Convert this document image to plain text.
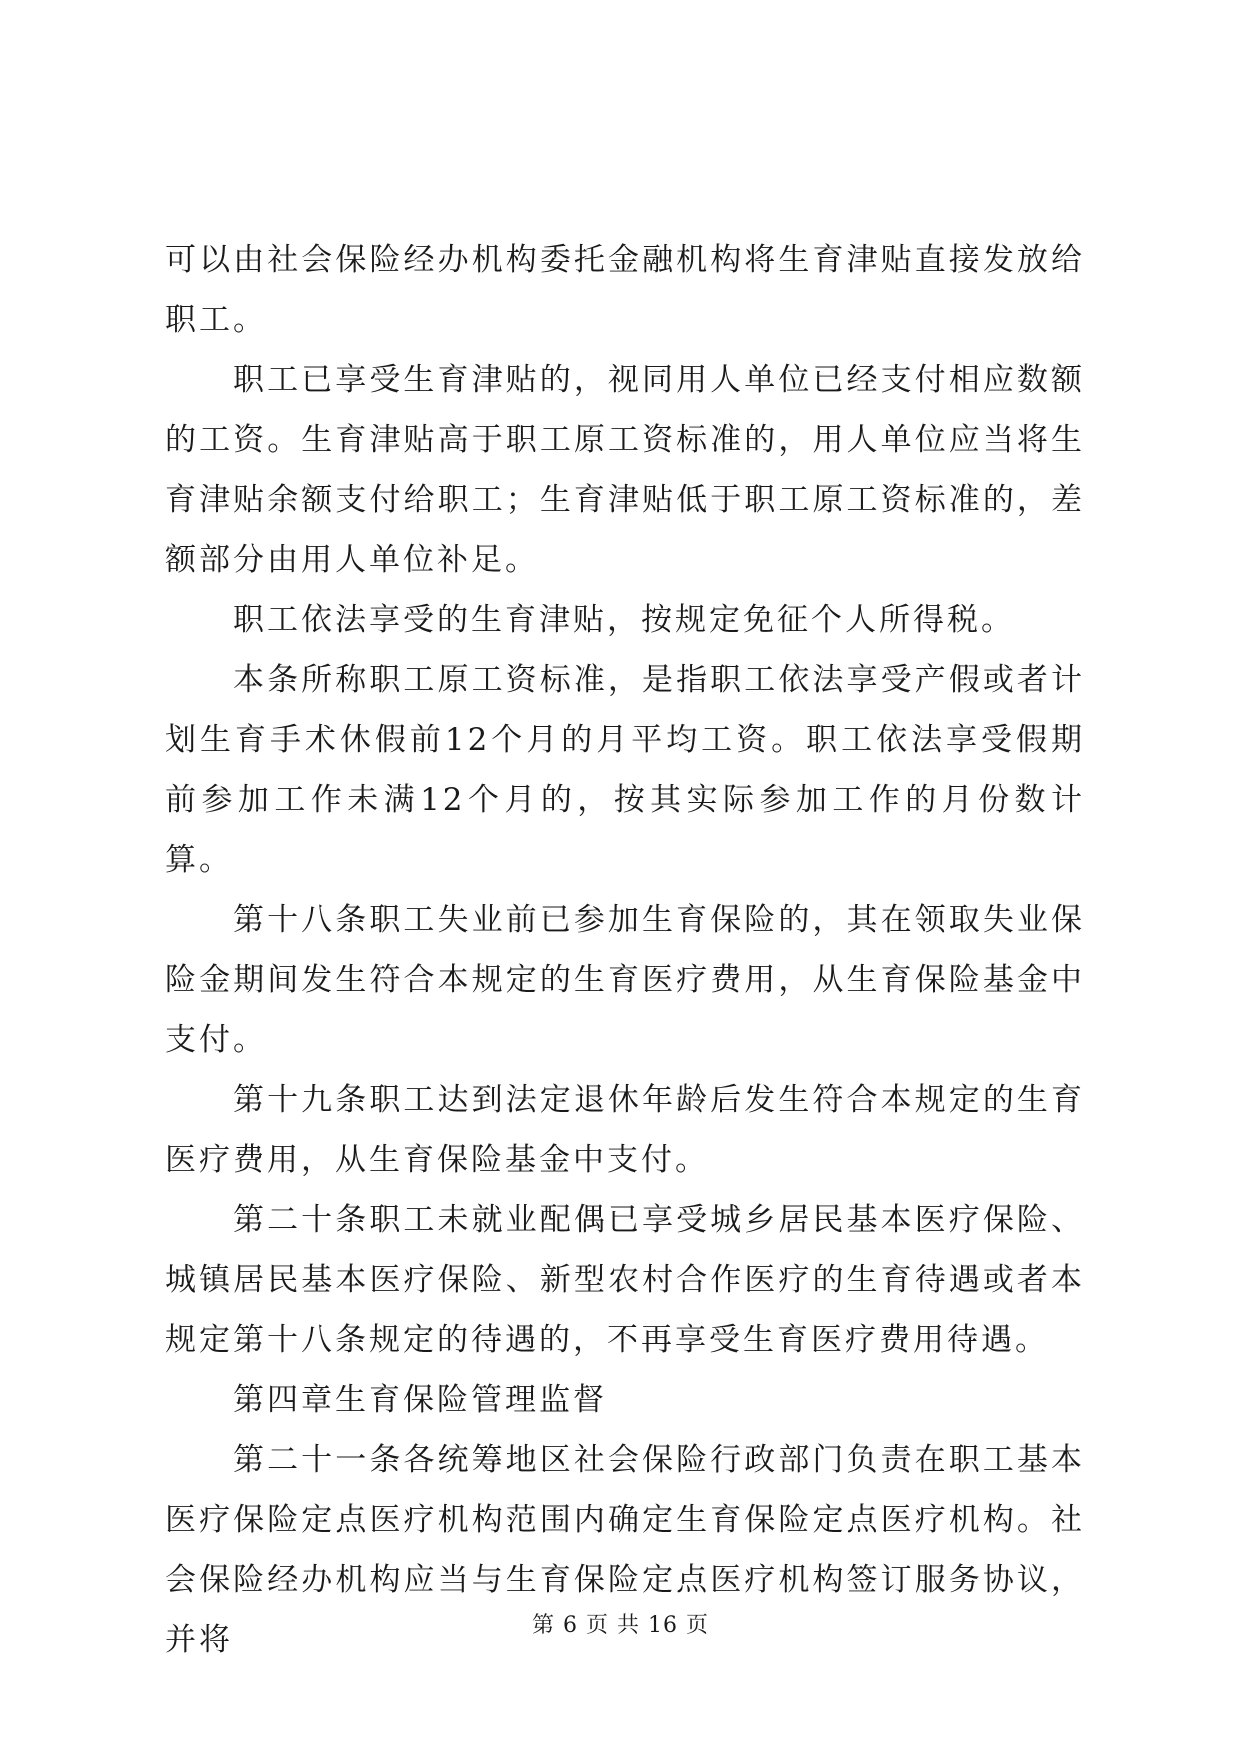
可以由社会保险经办机构委托金融机构将生育津贴直接发放给职工。

职工已享受生育津贴的，视同用人单位已经支付相应数额的工资。生育津贴高于职工原工资标准的，用人单位应当将生育津贴余额支付给职工；生育津贴低于职工原工资标准的，差额部分由用人单位补足。

职工依法享受的生育津贴，按规定免征个人所得税。

本条所称职工原工资标准，是指职工依法享受产假或者计划生育手术休假前12个月的月平均工资。职工依法享受假期前参加工作未满12个月的，按其实际参加工作的月份数计算。

第十八条职工失业前已参加生育保险的，其在领取失业保险金期间发生符合本规定的生育医疗费用，从生育保险基金中支付。

第十九条职工达到法定退休年龄后发生符合本规定的生育医疗费用，从生育保险基金中支付。

第二十条职工未就业配偶已享受城乡居民基本医疗保险、城镇居民基本医疗保险、新型农村合作医疗的生育待遇或者本规定第十八条规定的待遇的，不再享受生育医疗费用待遇。

第四章生育保险管理监督

第二十一条各统筹地区社会保险行政部门负责在职工基本医疗保险定点医疗机构范围内确定生育保险定点医疗机构。社会保险经办机构应当与生育保险定点医疗机构签订服务协议，并将	第 6 页 共 16 页
